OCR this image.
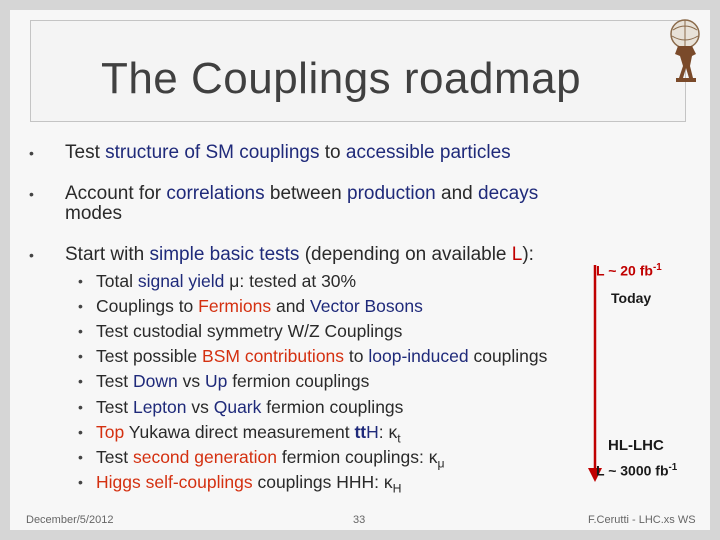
The Couplings roadmap
• Test structure of SM couplings to accessible particles
• Account for correlations between production and decays
modes
• Start with simple basic tests (depending on available L):
• Total signal yield μ: tested at 30%
• Couplings to Fermions and Vector Bosons
• Test custodial symmetry W/Z Couplings
• Test possible BSM contributions to loop-induced couplings
• Test Down vs Up fermion couplings
• Test Lepton vs Quark fermion couplings
• Top Yukawa direct measurement ttH: $\kappa_t$
• Test second generation fermion couplings: $\kappa_\mu$
• Higgs self-couplings couplings HHH: $\kappa_H$
L ~ 20 $fb^{-1}$
Today
HL-LHC
L ~ 3000 $fb^{-1}$
December/5/2012	33	F.Cerutti - LHC.xs WS
